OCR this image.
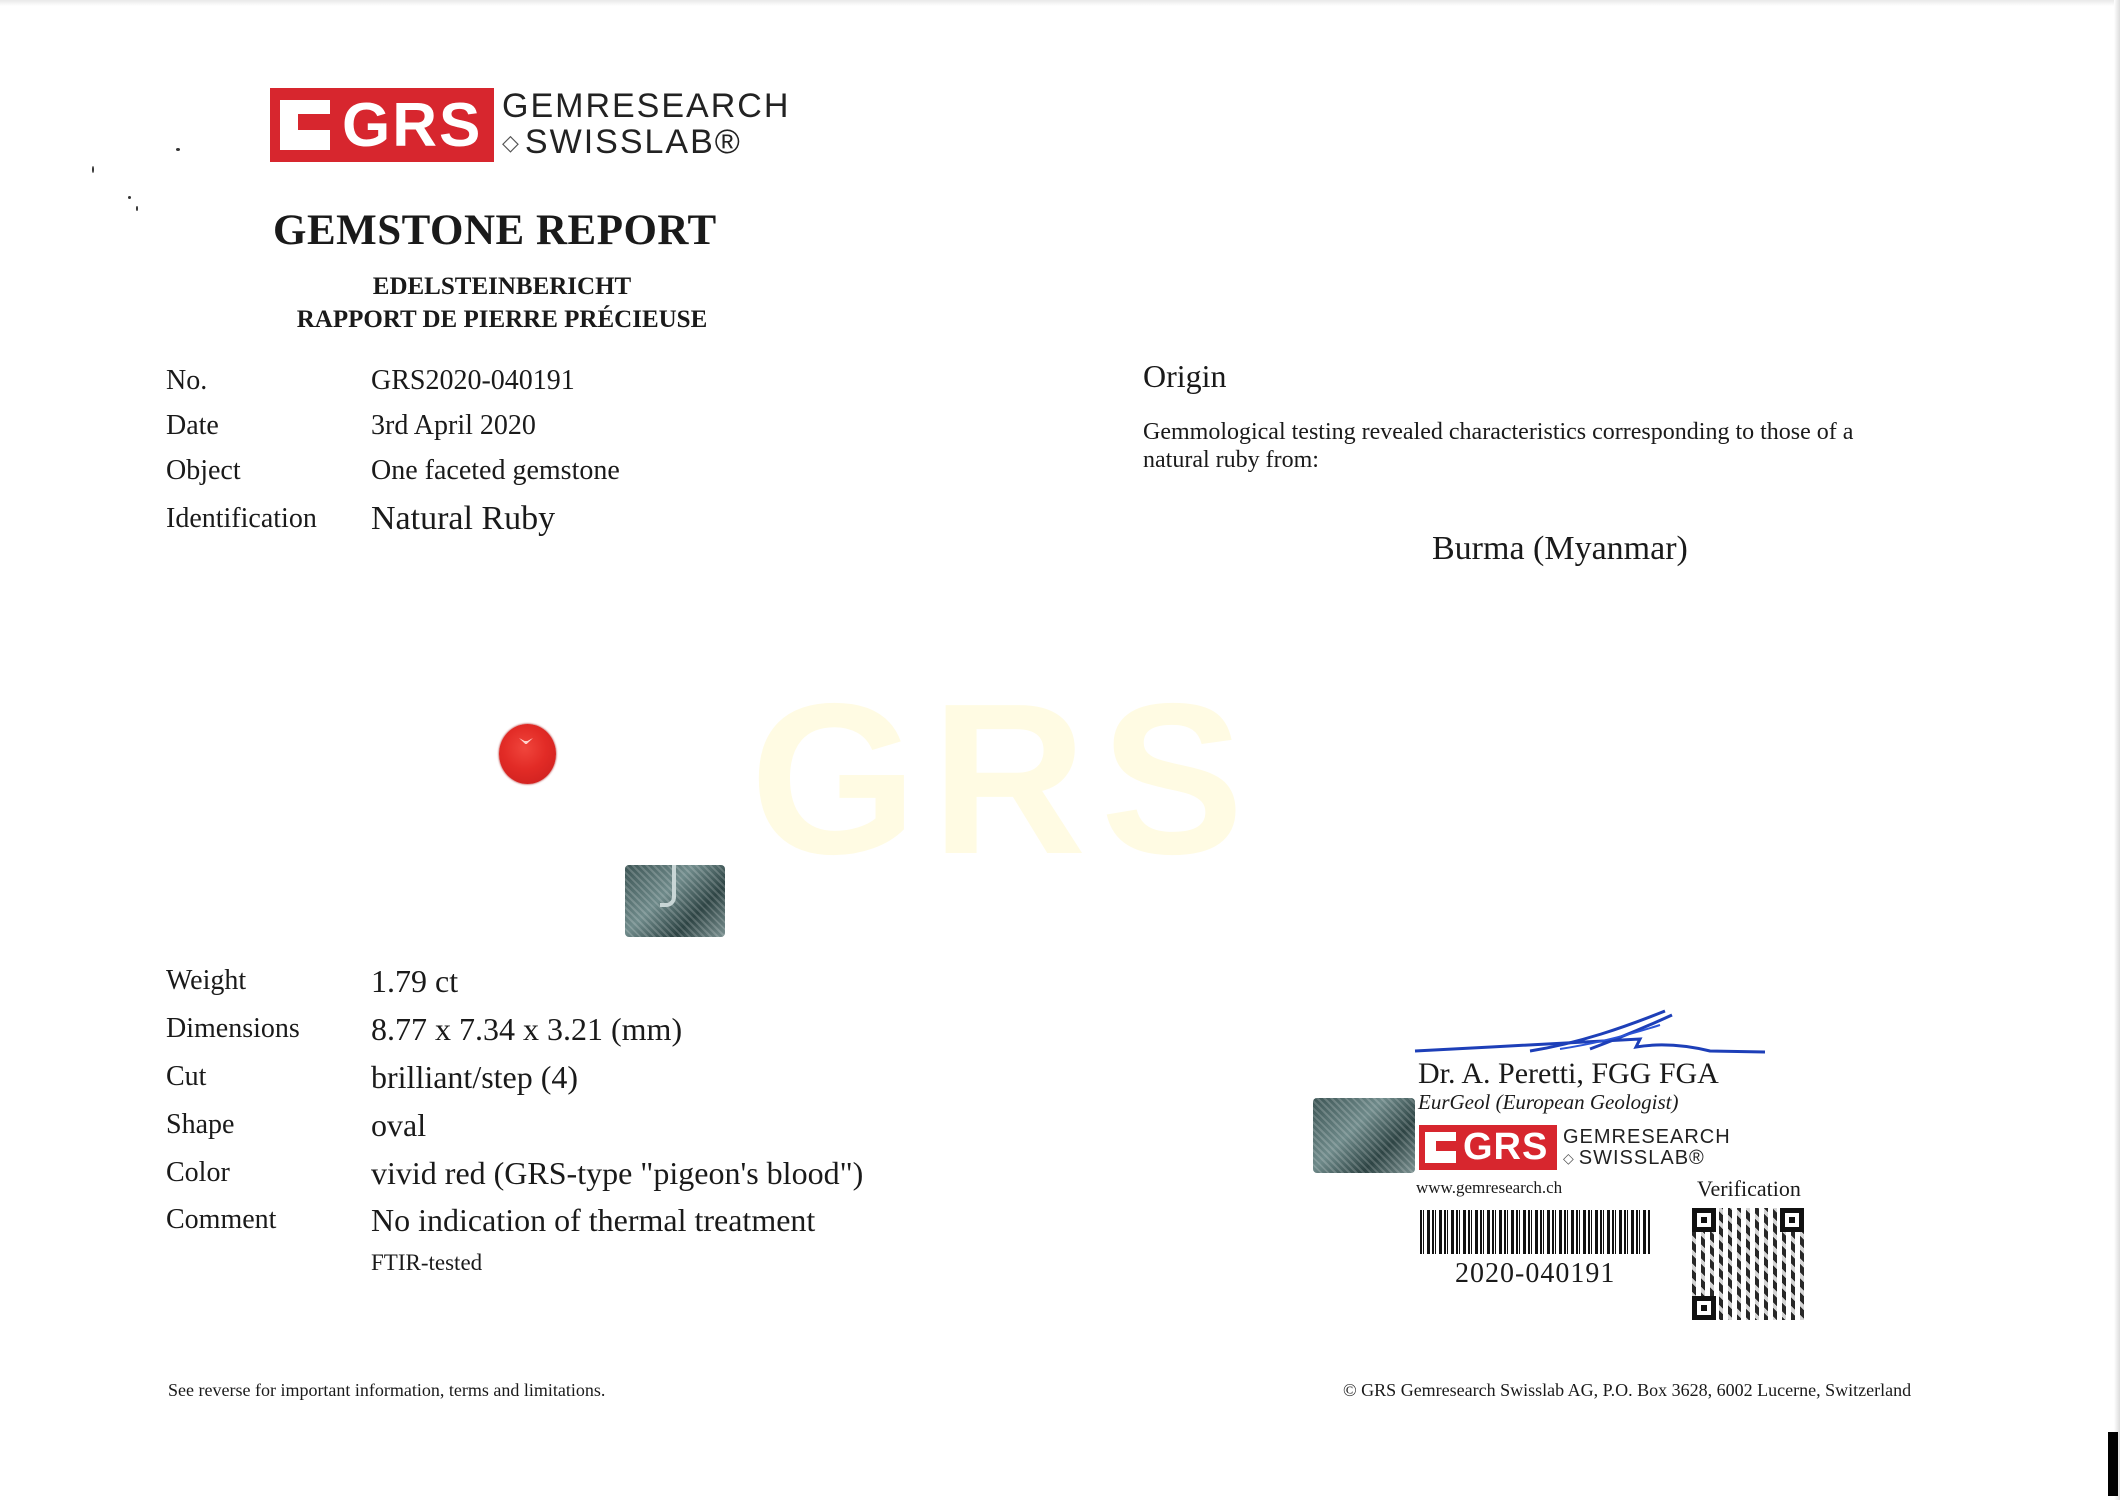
GRS GEMRESEARCH
◇ SWISSLAB®
GEMSTONE REPORT
EDELSTEINBERICHT
RAPPORT DE PIERRE PRÉCIEUSE
No.	GRS2020-040191
Date	3rd April 2020
Object	One faceted gemstone
Identification Natural Ruby
Origin
Gemmological testing revealed characteristics corresponding to those of a natural ruby from:
Burma (Myanmar)
GRS
Weight	1.79 ct
Dimensions 8.77 x 7.34 x 3.21 (mm)
Cut	brilliant/step (4)
Shape	oval
Color	vivid red (GRS-type "pigeon's blood")
Comment	No indication of thermal treatment
FTIR-tested
Dr. A. Peretti, FGG FGA
EurGeol (European Geologist)
GRS GEMRESEARCH
◇ SWISSLAB®
www.gemresearch.ch	Verification
2020-040191
See reverse for important information, terms and limitations.	© GRS Gemresearch Swisslab AG, P.O. Box 3628, 6002 Lucerne, Switzerland
